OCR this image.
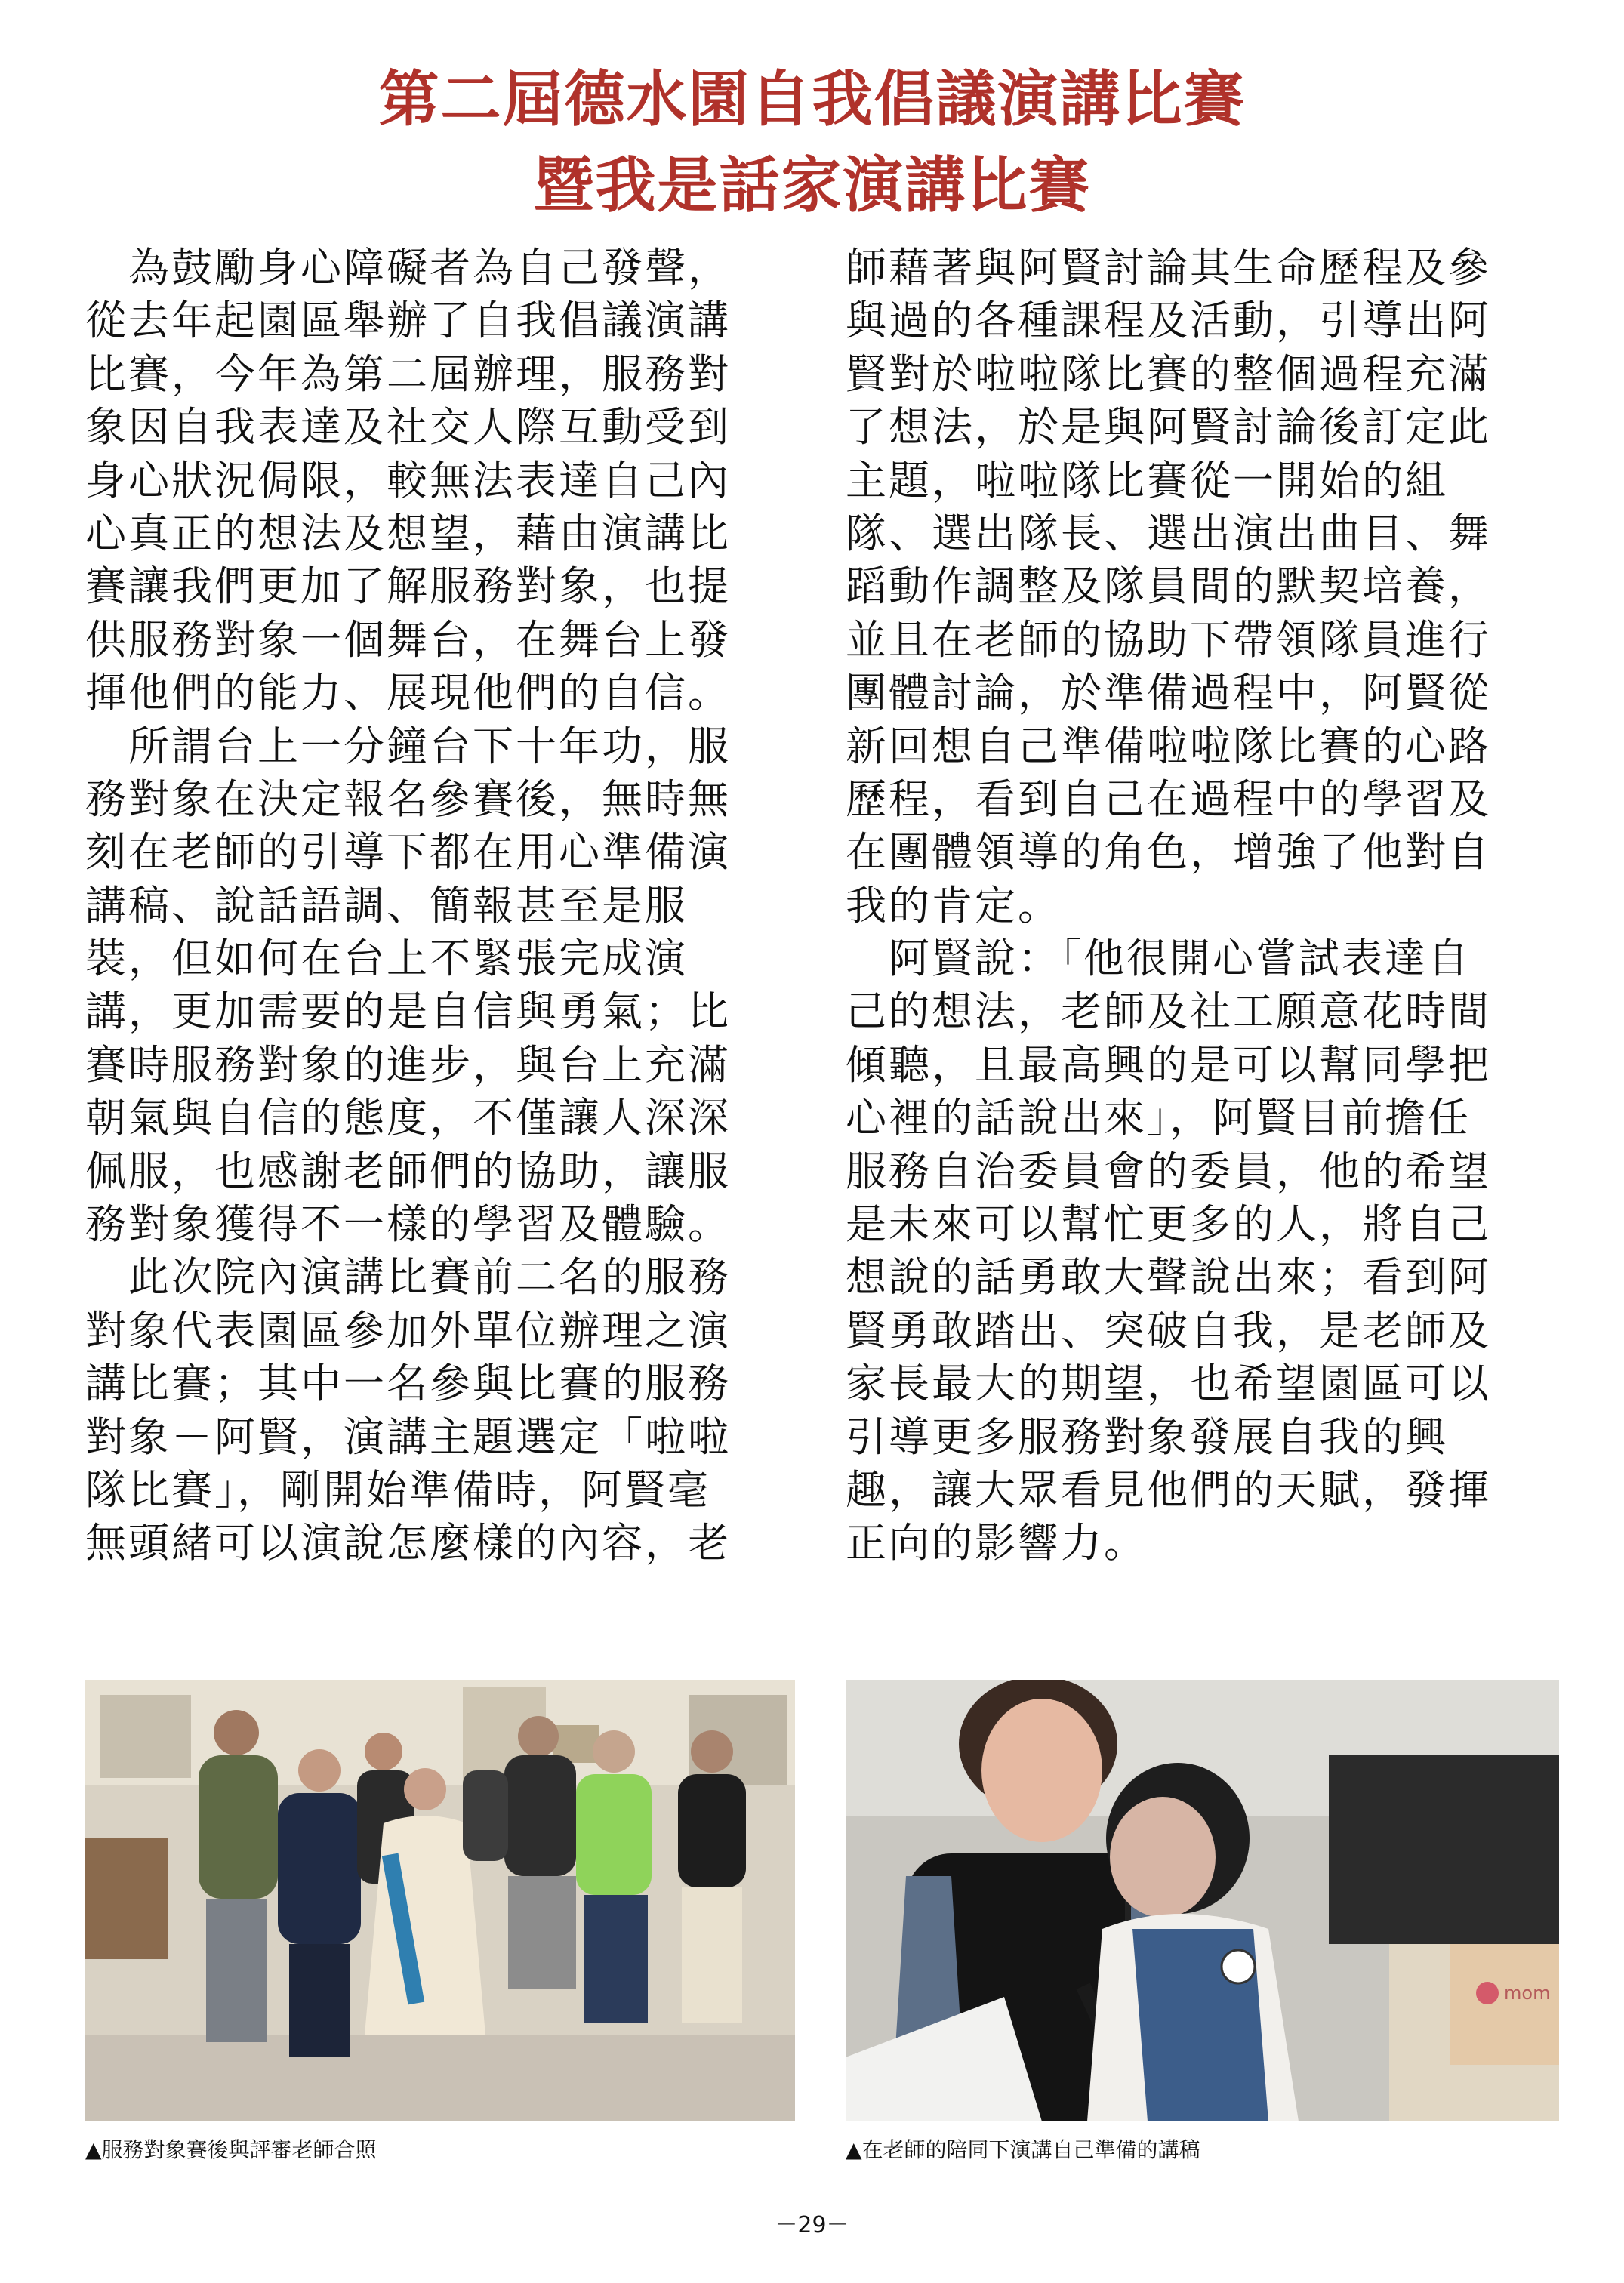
第二屆德水園自我倡議演講比賽
暨我是話家演講比賽
　為鼓勵身心障礙者為自己發聲，
從去年起園區舉辦了自我倡議演講
比賽，今年為第二屆辦理，服務對
象因自我表達及社交人際互動受到
身心狀況侷限，較無法表達自己內
心真正的想法及想望，藉由演講比
賽讓我們更加了解服務對象，也提
供服務對象一個舞台，在舞台上發
揮他們的能力、展現他們的自信。
　所謂台上一分鐘台下十年功，服
務對象在決定報名參賽後，無時無
刻在老師的引導下都在用心準備演
講稿、說話語調、簡報甚至是服
裝，但如何在台上不緊張完成演
講，更加需要的是自信與勇氣；比
賽時服務對象的進步，與台上充滿
朝氣與自信的態度，不僅讓人深深
佩服，也感謝老師們的協助，讓服
務對象獲得不一樣的學習及體驗。
　此次院內演講比賽前二名的服務
對象代表園區參加外單位辦理之演
講比賽；其中一名參與比賽的服務
對象－阿賢，演講主題選定「啦啦
隊比賽」，剛開始準備時，阿賢毫
無頭緒可以演說怎麼樣的內容，老
師藉著與阿賢討論其生命歷程及參
與過的各種課程及活動，引導出阿
賢對於啦啦隊比賽的整個過程充滿
了想法，於是與阿賢討論後訂定此
主題，啦啦隊比賽從一開始的組
隊、選出隊長、選出演出曲目、舞
蹈動作調整及隊員間的默契培養，
並且在老師的協助下帶領隊員進行
團體討論，於準備過程中，阿賢從
新回想自己準備啦啦隊比賽的心路
歷程，看到自己在過程中的學習及
在團體領導的角色，增強了他對自
我的肯定。
　阿賢說：「他很開心嘗試表達自
己的想法，老師及社工願意花時間
傾聽，且最高興的是可以幫同學把
心裡的話說出來」，阿賢目前擔任
服務自治委員會的委員，他的希望
是未來可以幫忙更多的人，將自己
想說的話勇敢大聲說出來；看到阿
賢勇敢踏出、突破自我，是老師及
家長最大的期望，也希望園區可以
引導更多服務對象發展自我的興
趣，讓大眾看見他們的天賦，發揮
正向的影響力。
mom
▲服務對象賽後與評審老師合照	▲在老師的陪同下演講自己準備的講稿
－29－
